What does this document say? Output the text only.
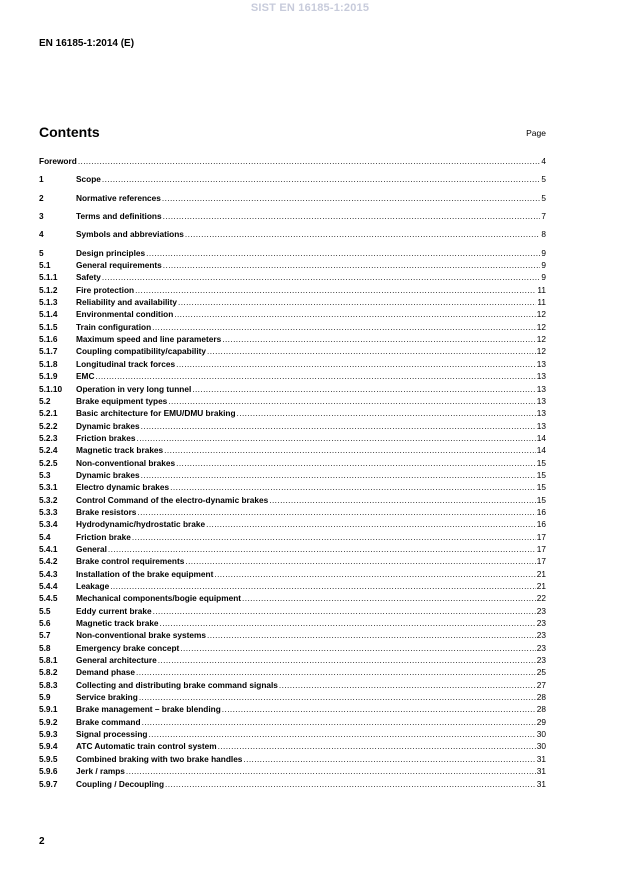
SIST EN 16185-1:2015
EN 16185-1:2014 (E)
Contents	Page
Foreword .....	4
1	Scope .....	5
2	Normative references .....	5
3	Terms and definitions .....	7
4	Symbols and abbreviations .....	8
5	Design principles .....	9
5.1	General requirements .....	9
5.1.1	Safety .....	9
5.1.2	Fire protection .....	11
5.1.3	Reliability and availability .....	11
5.1.4	Environmental condition .....	12
5.1.5	Train configuration .....	12
5.1.6	Maximum speed and line parameters .....	12
5.1.7	Coupling compatibility/capability .....	12
5.1.8	Longitudinal track forces .....	13
5.1.9	EMC .....	13
5.1.10	Operation in very long tunnel .....	13
5.2	Brake equipment types .....	13
5.2.1	Basic architecture for EMU/DMU braking .....	13
5.2.2	Dynamic brakes .....	13
5.2.3	Friction brakes .....	14
5.2.4	Magnetic track brakes .....	14
5.2.5	Non-conventional brakes .....	15
5.3	Dynamic brakes .....	15
5.3.1	Electro dynamic brakes .....	15
5.3.2	Control Command of the electro-dynamic brakes .....	15
5.3.3	Brake resistors .....	16
5.3.4	Hydrodynamic/hydrostatic brake .....	16
5.4	Friction brake .....	17
5.4.1	General .....	17
5.4.2	Brake control requirements .....	17
5.4.3	Installation of the brake equipment .....	21
5.4.4	Leakage .....	21
5.4.5	Mechanical components/bogie equipment .....	22
5.5	Eddy current brake .....	23
5.6	Magnetic track brake .....	23
5.7	Non-conventional brake systems .....	23
5.8	Emergency brake concept .....	23
5.8.1	General architecture .....	23
5.8.2	Demand phase .....	25
5.8.3	Collecting and distributing brake command signals .....	27
5.9	Service braking .....	28
5.9.1	Brake management – brake blending .....	28
5.9.2	Brake command .....	29
5.9.3	Signal processing .....	30
5.9.4	ATC Automatic train control system .....	30
5.9.5	Combined braking with two brake handles .....	31
5.9.6	Jerk / ramps .....	31
5.9.7	Coupling / Decoupling .....	31
2
